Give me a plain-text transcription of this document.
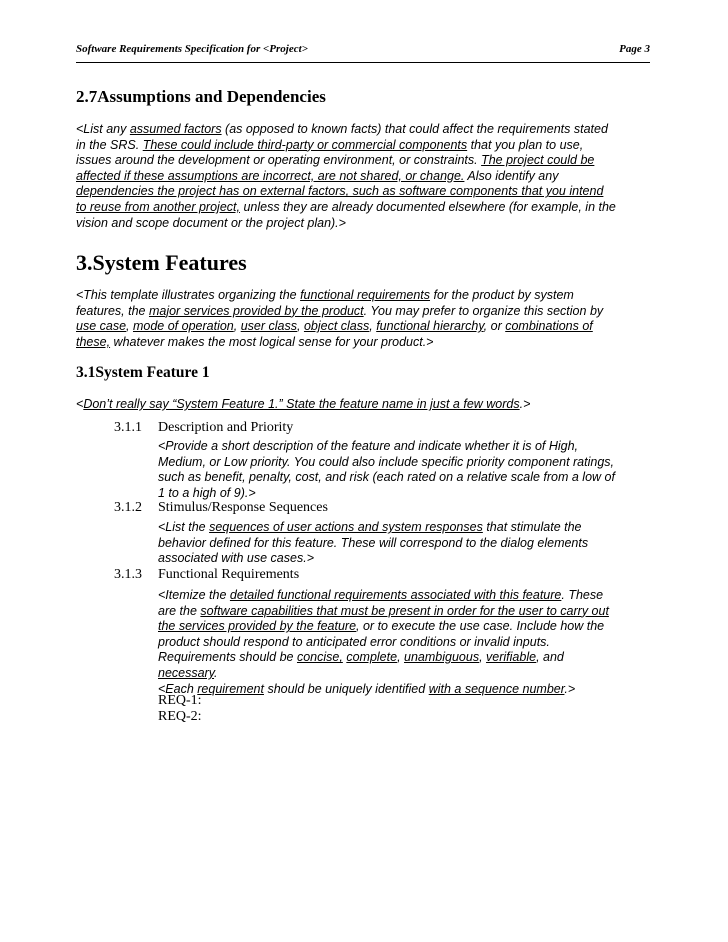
Software Requirements Specification for <Project>	Page 3
2.7Assumptions and Dependencies
<List any assumed factors (as opposed to known facts) that could affect the requirements stated
in the SRS. These could include third-party or commercial components that you plan to use,
issues around the development or operating environment, or constraints. The project could be
affected if these assumptions are incorrect, are not shared, or change. Also identify any
dependencies the project has on external factors, such as software components that you intend
to reuse from another project, unless they are already documented elsewhere (for example, in the
vision and scope document or the project plan).>
3.System Features
<This template illustrates organizing the functional requirements for the product by system
features, the major services provided by the product. You may prefer to organize this section by
use case, mode of operation, user class, object class, functional hierarchy, or combinations of
these, whatever makes the most logical sense for your product.>
3.1System Feature 1
<Don’t really say “System Feature 1.” State the feature name in just a few words.>
3.1.1 Description and Priority
<Provide a short description of the feature and indicate whether it is of High,
Medium, or Low priority. You could also include specific priority component ratings,
such as benefit, penalty, cost, and risk (each rated on a relative scale from a low of
1 to a high of 9).>
3.1.2 Stimulus/Response Sequences
<List the sequences of user actions and system responses that stimulate the
behavior defined for this feature. These will correspond to the dialog elements
associated with use cases.>
3.1.3 Functional Requirements
<Itemize the detailed functional requirements associated with this feature. These
are the software capabilities that must be present in order for the user to carry out
the services provided by the feature, or to execute the use case. Include how the
product should respond to anticipated error conditions or invalid inputs.
Requirements should be concise, complete, unambiguous, verifiable, and
necessary.
<Each requirement should be uniquely identified with a sequence number.>
REQ-1:
REQ-2:
